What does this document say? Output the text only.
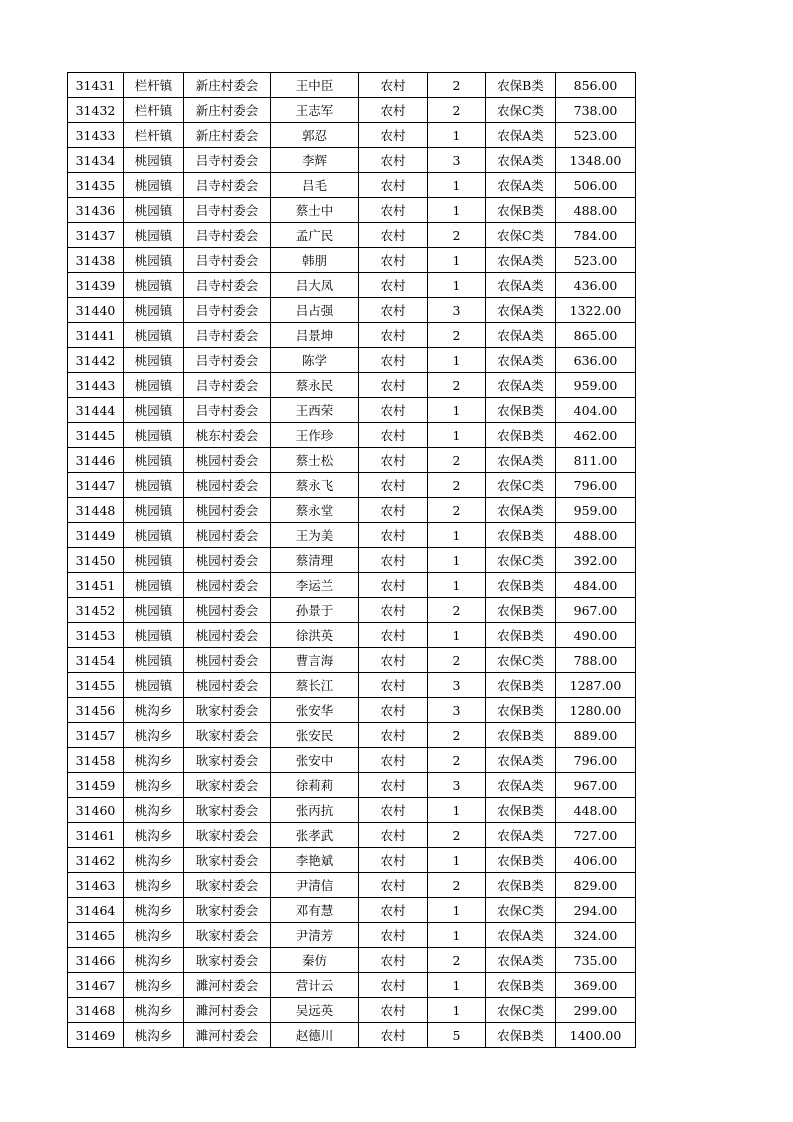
31431	栏杆镇	新庄村委会	王中臣	农村	2	农保B类	856.00
31432	栏杆镇	新庄村委会	王志军	农村	2	农保C类	738.00
31433	栏杆镇	新庄村委会	郭忍	农村	1	农保A类	523.00
31434	桃园镇	吕寺村委会	李辉	农村	3	农保A类	1348.00
31435	桃园镇	吕寺村委会	吕毛	农村	1	农保A类	506.00
31436	桃园镇	吕寺村委会	蔡士中	农村	1	农保B类	488.00
31437	桃园镇	吕寺村委会	孟广民	农村	2	农保C类	784.00
31438	桃园镇	吕寺村委会	韩朋	农村	1	农保A类	523.00
31439	桃园镇	吕寺村委会	吕大凤	农村	1	农保A类	436.00
31440	桃园镇	吕寺村委会	吕占强	农村	3	农保A类	1322.00
31441	桃园镇	吕寺村委会	吕景坤	农村	2	农保A类	865.00
31442	桃园镇	吕寺村委会	陈学	农村	1	农保A类	636.00
31443	桃园镇	吕寺村委会	蔡永民	农村	2	农保A类	959.00
31444	桃园镇	吕寺村委会	王西荣	农村	1	农保B类	404.00
31445	桃园镇	桃东村委会	王作珍	农村	1	农保B类	462.00
31446	桃园镇	桃园村委会	蔡士松	农村	2	农保A类	811.00
31447	桃园镇	桃园村委会	蔡永飞	农村	2	农保C类	796.00
31448	桃园镇	桃园村委会	蔡永堂	农村	2	农保A类	959.00
31449	桃园镇	桃园村委会	王为美	农村	1	农保B类	488.00
31450	桃园镇	桃园村委会	蔡清理	农村	1	农保C类	392.00
31451	桃园镇	桃园村委会	李运兰	农村	1	农保B类	484.00
31452	桃园镇	桃园村委会	孙景于	农村	2	农保B类	967.00
31453	桃园镇	桃园村委会	徐洪英	农村	1	农保B类	490.00
31454	桃园镇	桃园村委会	曹言海	农村	2	农保C类	788.00
31455	桃园镇	桃园村委会	蔡长江	农村	3	农保B类	1287.00
31456	桃沟乡	耿家村委会	张安华	农村	3	农保B类	1280.00
31457	桃沟乡	耿家村委会	张安民	农村	2	农保B类	889.00
31458	桃沟乡	耿家村委会	张安中	农村	2	农保A类	796.00
31459	桃沟乡	耿家村委会	徐莉莉	农村	3	农保A类	967.00
31460	桃沟乡	耿家村委会	张丙抗	农村	1	农保B类	448.00
31461	桃沟乡	耿家村委会	张孝武	农村	2	农保A类	727.00
31462	桃沟乡	耿家村委会	李艳斌	农村	1	农保B类	406.00
31463	桃沟乡	耿家村委会	尹清信	农村	2	农保B类	829.00
31464	桃沟乡	耿家村委会	邓有慧	农村	1	农保C类	294.00
31465	桃沟乡	耿家村委会	尹清芳	农村	1	农保A类	324.00
31466	桃沟乡	耿家村委会	秦仿	农村	2	农保A类	735.00
31467	桃沟乡	濉河村委会	营计云	农村	1	农保B类	369.00
31468	桃沟乡	濉河村委会	吴远英	农村	1	农保C类	299.00
31469	桃沟乡	濉河村委会	赵德川	农村	5	农保B类	1400.00
